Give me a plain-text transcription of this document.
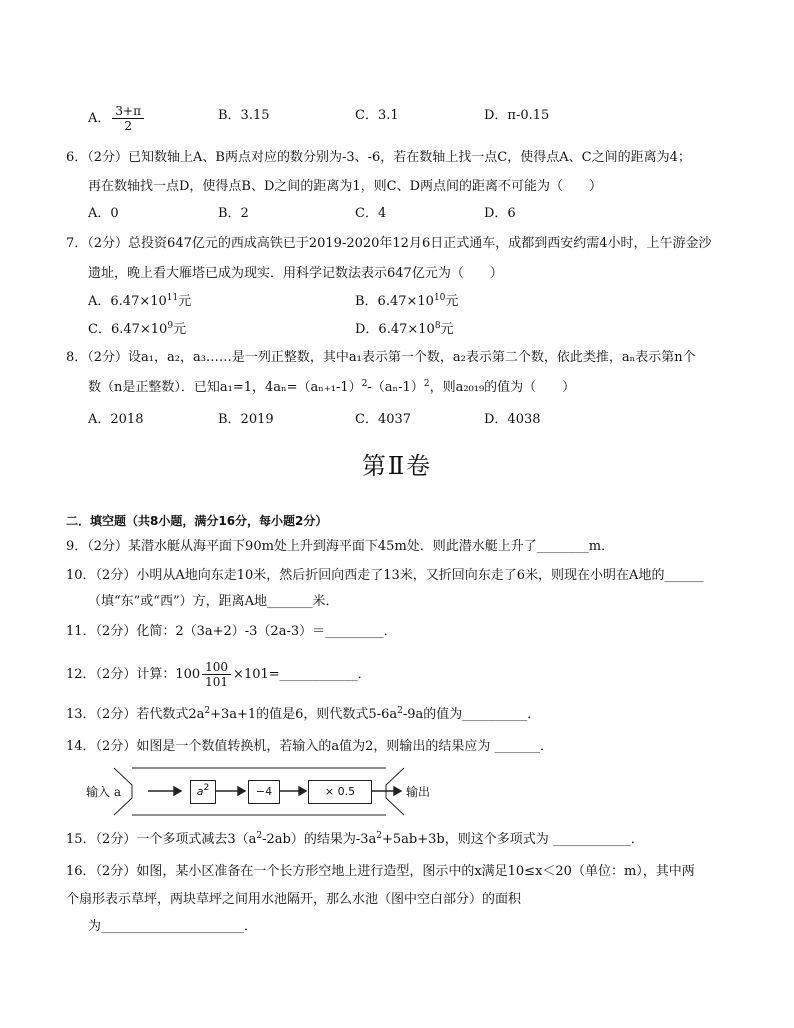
A． $\frac{3+\pi}{2}$	B．3.15	C．3.1	D．π-0.15
6．（2分）已知数轴上A、B两点对应的数分别为-3、-6，若在数轴上找一点C，使得点A、C之间的距离为4；
再在数轴找一点D，使得点B、D之间的距离为1，则C、D两点间的距离不可能为（　　）
A．0	B．2	C．4	D．6
7．（2分）总投资647亿元的西成高铁已于2019-2020年12月6日正式通车，成都到西安约需4小时，上午游金沙
遗址，晚上看大雁塔已成为现实．用科学记数法表示647亿元为（　　）
A．$6.47\times 10^{11}$元	B．$6.47\times 10^{10}$元
C．$6.47\times 10^9$元	D．$6.47\times 10^8$元
8．（2分）设a₁，a₂，a₃……是一列正整数，其中a₁表示第一个数，a₂表示第二个数，依此类推，aₙ表示第n个
数（n是正整数）．已知a₁=1，$4a_n=(a_{n+1}-1)^2-(a_n-1)^2$，则a₂₀₁₉的值为（　　）
A．2018	B．2019	C．4037	D．4038
第Ⅱ卷
二．填空题（共8小题，满分16分，每小题2分）
9．（2分）某潜水艇从海平面下90m处上升到海平面下45m处．则此潜水艇上升了________m．
10．（2分）小明从A地向东走10米，然后折回向西走了13米，又折回向东走了6米，则现在小明在A地的______
（填“东”或“西”）方，距离A地_______米．
11．（2分）化简：2（3a+2）-3（2a-3）＝_________．
12．（2分）计算：$100 \frac{100}{101}$ ×101=____________．
13．（2分）若代数式$2a^2+3a+1$的值是6，则代数式$5-6a^2-9a$的值为__________．
14．（2分）如图是一个数值转换机，若输入的a值为2，则输出的结果应为 _______．
输入 a	$a^2$	−4	× 0.5	输出
15．（2分）一个多项式减去$3(a^2-2ab)$的结果为$-3a^2+5ab+3b$，则这个多项式为 ____________．
16．（2分）如图，某小区准备在一个长方形空地上进行造型，图示中的x满足10≤x＜20（单位：m），其中两
个扇形表示草坪，两块草坪之间用水池隔开，那么水池（图中空白部分）的面积
为______________________．
